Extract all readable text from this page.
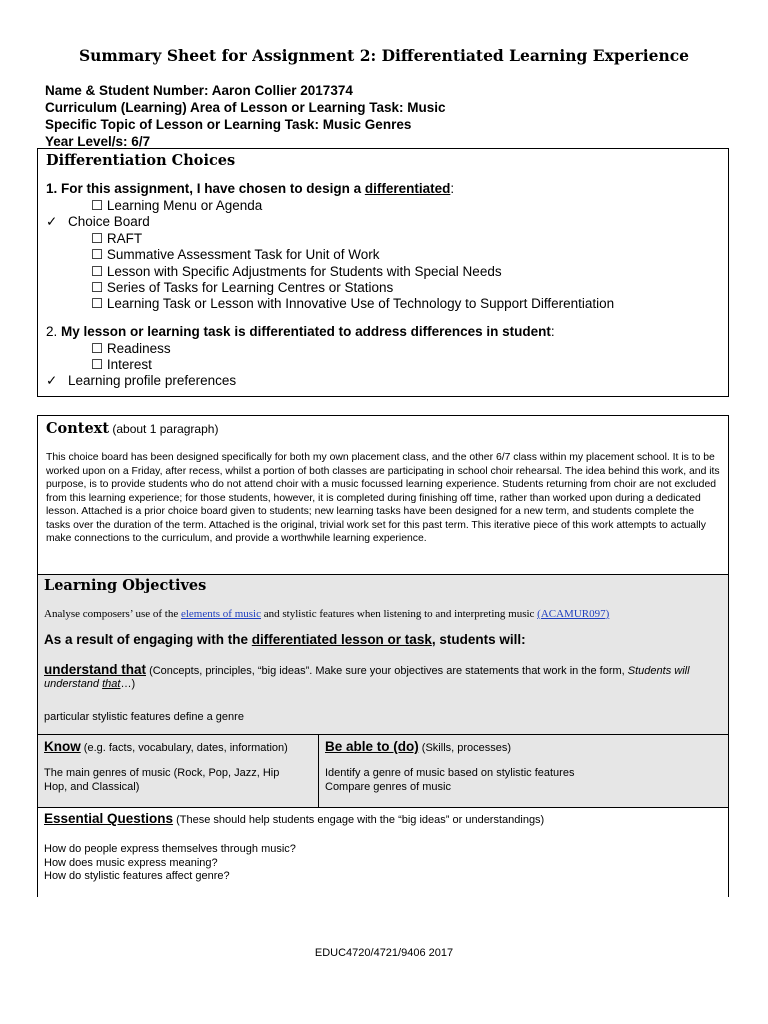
Summary Sheet for Assignment 2: Differentiated Learning Experience
Name & Student Number: Aaron Collier 2017374
Curriculum (Learning) Area of Lesson or Learning Task: Music
Specific Topic of Lesson or Learning Task: Music Genres
Year Level/s: 6/7
Differentiation Choices
1. For this assignment, I have chosen to design a differentiated:
☐ Learning Menu or Agenda
✓ Choice Board
☐ RAFT
☐ Summative Assessment Task for Unit of Work
☐ Lesson with Specific Adjustments for Students with Special Needs
☐ Series of Tasks for Learning Centres or Stations
☐ Learning Task or Lesson with Innovative Use of Technology to Support Differentiation
2. My lesson or learning task is differentiated to address differences in student:
☐ Readiness
☐ Interest
✓ Learning profile preferences
Context (about 1 paragraph)
This choice board has been designed specifically for both my own placement class, and the other 6/7 class within my placement school. It is to be worked upon on a Friday, after recess, whilst a portion of both classes are participating in school choir rehearsal. The idea behind this work, and its purpose, is to provide students who do not attend choir with a music focussed learning experience. Students returning from choir are not excluded from this learning experience; for those students, however, it is completed during finishing off time, rather than worked upon during a dedicated lesson. Attached is a prior choice board given to students; new learning tasks have been designed for a new term, and students complete the tasks over the duration of the term. Attached is the original, trivial work set for this past term. This iterative piece of this work attempts to actually make connections to the curriculum, and provide a worthwhile learning experience.
Learning Objectives
Analyse composers’ use of the elements of music and stylistic features when listening to and interpreting music (ACAMUR097)
As a result of engaging with the differentiated lesson or task, students will:
understand that (Concepts, principles, “big ideas”. Make sure your objectives are statements that work in the form, Students will understand that…)
particular stylistic features define a genre
Know (e.g. facts, vocabulary, dates, information)
The main genres of music (Rock, Pop, Jazz, Hip
Hop, and Classical)
Be able to (do) (Skills, processes)
Identify a genre of music based on stylistic features
Compare genres of music
Essential Questions (These should help students engage with the “big ideas” or understandings)
How do people express themselves through music?
How does music express meaning?
How do stylistic features affect genre?
EDUC4720/4721/9406 2017
